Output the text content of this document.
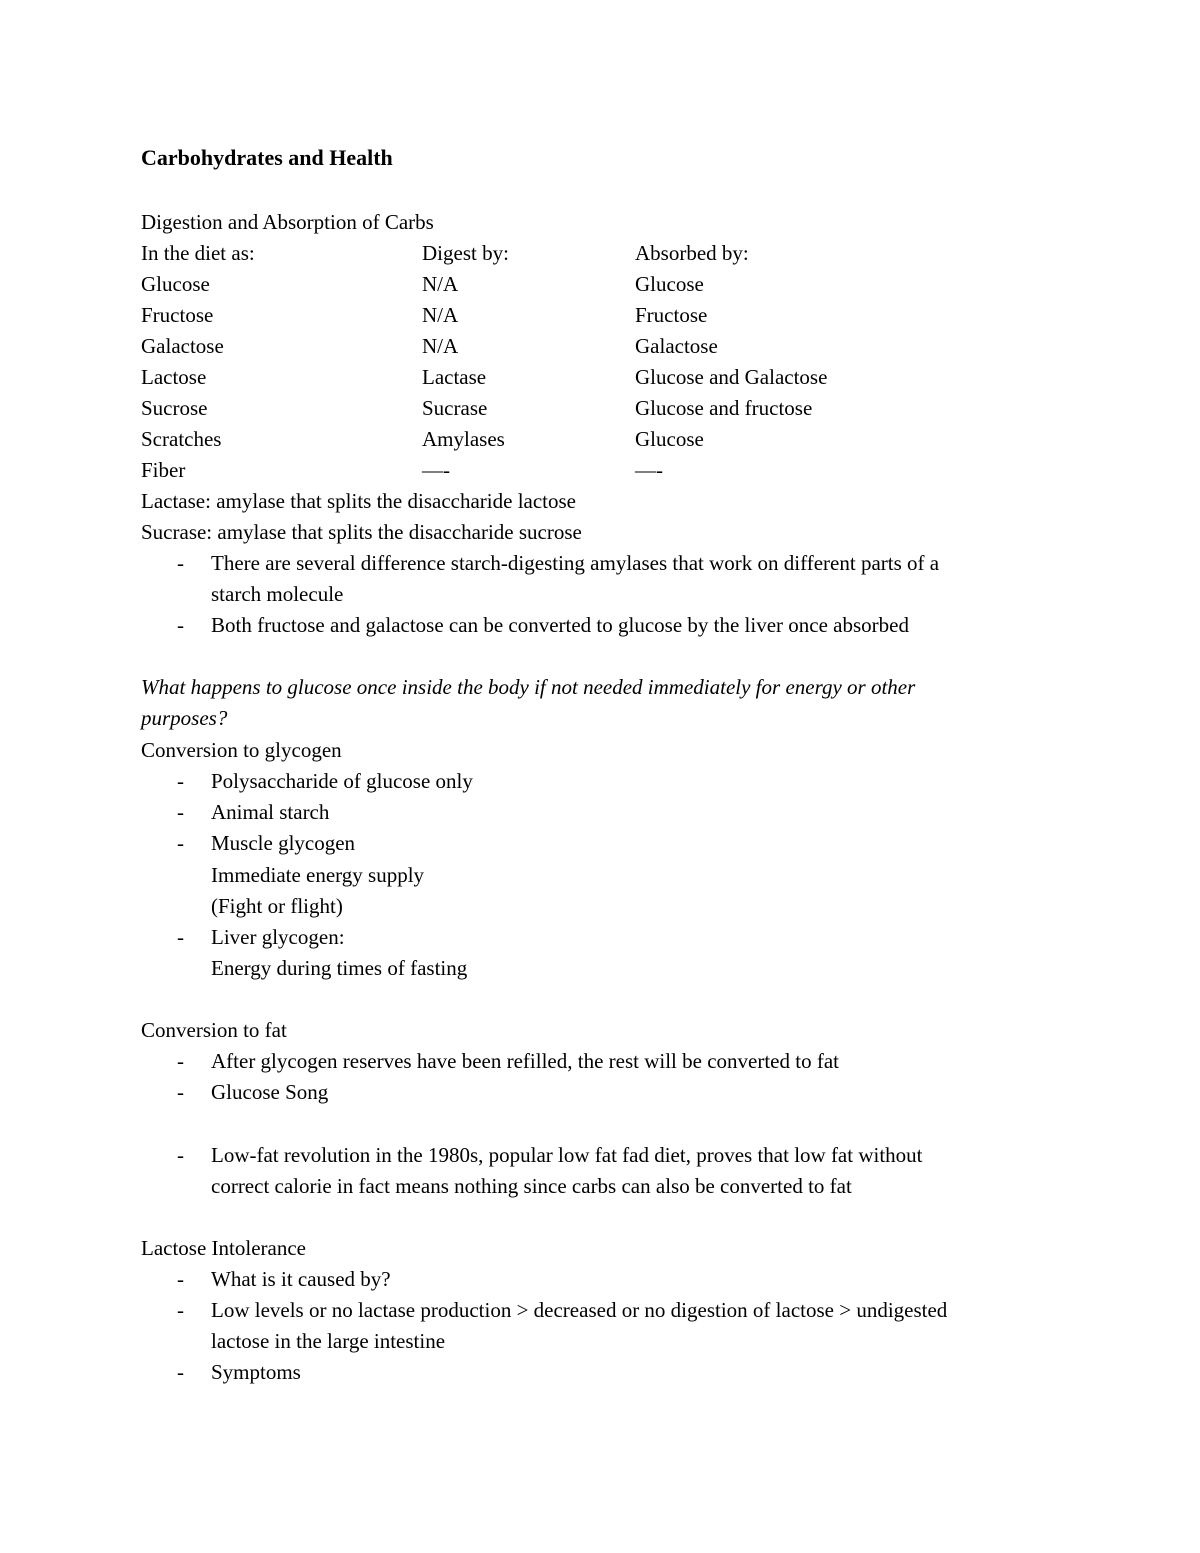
Carbohydrates and Health
Digestion and Absorption of Carbs
In the diet as:	Digest by:	Absorbed by:
Glucose	N/A	Glucose
Fructose	N/A	Fructose
Galactose	N/A	Galactose
Lactose	Lactase	Glucose and Galactose
Sucrose	Sucrase	Glucose and fructose
Scratches	Amylases	Glucose
Fiber	—-	—-
Lactase: amylase that splits the disaccharide lactose
Sucrase: amylase that splits the disaccharide sucrose
- There are several difference starch-digesting amylases that work on different parts of a
starch molecule
- Both fructose and galactose can be converted to glucose by the liver once absorbed
What happens to glucose once inside the body if not needed immediately for energy or other
purposes?
Conversion to glycogen
- Polysaccharide of glucose only
- Animal starch
- Muscle glycogen
Immediate energy supply
(Fight or flight)
- Liver glycogen:
Energy during times of fasting
Conversion to fat
- After glycogen reserves have been refilled, the rest will be converted to fat
- Glucose Song
- Low-fat revolution in the 1980s, popular low fat fad diet, proves that low fat without
correct calorie in fact means nothing since carbs can also be converted to fat
Lactose Intolerance
- What is it caused by?
- Low levels or no lactase production > decreased or no digestion of lactose > undigested
lactose in the large intestine
- Symptoms
